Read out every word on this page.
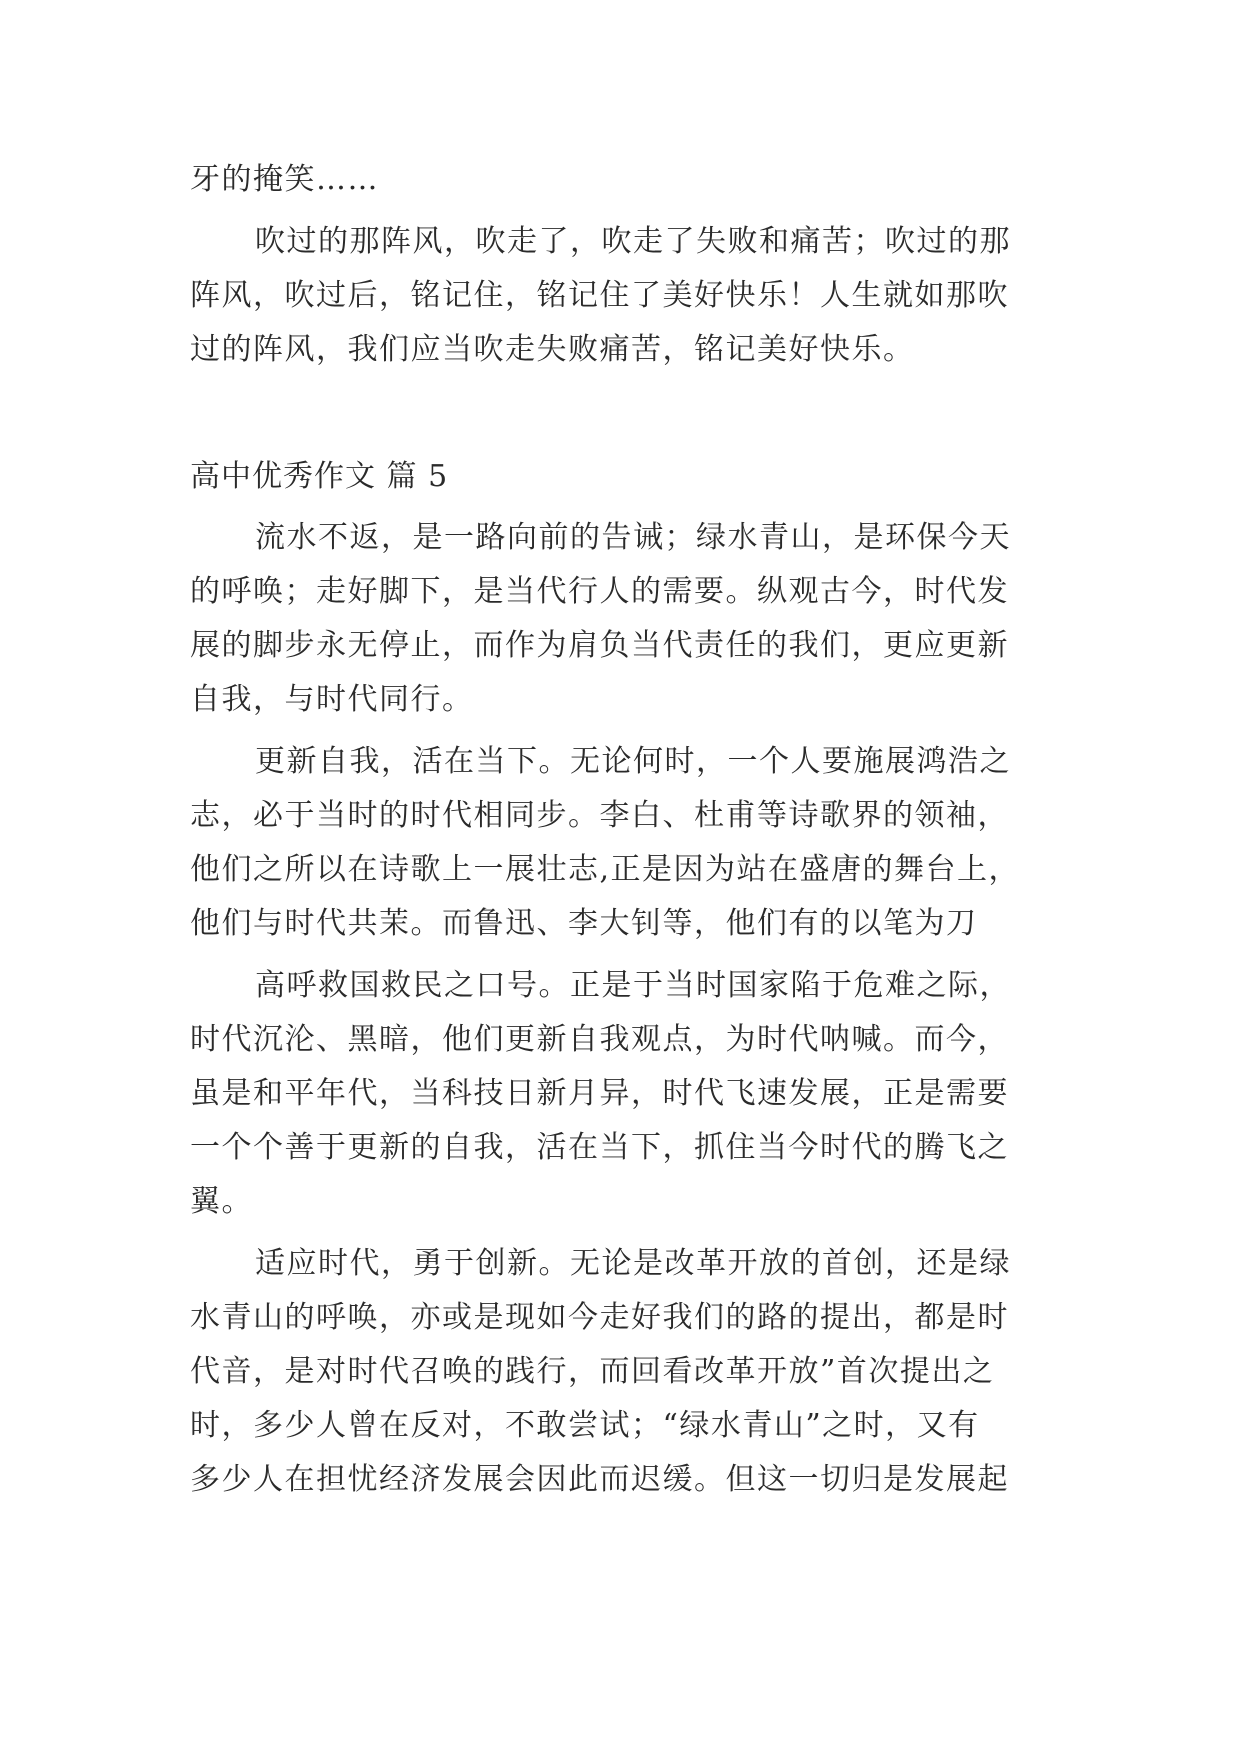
牙的掩笑……
吹过的那阵风，吹走了，吹走了失败和痛苦；吹过的那
阵风，吹过后，铭记住，铭记住了美好快乐！人生就如那吹
过的阵风，我们应当吹走失败痛苦，铭记美好快乐。
高中优秀作文 篇 5
流水不返，是一路向前的告诫；绿水青山，是环保今天
的呼唤；走好脚下，是当代行人的需要。纵观古今，时代发
展的脚步永无停止，而作为肩负当代责任的我们，更应更新
自我，与时代同行。
更新自我，活在当下。无论何时，一个人要施展鸿浩之
志，必于当时的时代相同步。李白、杜甫等诗歌界的领袖，
他们之所以在诗歌上一展壮志,正是因为站在盛唐的舞台上，
他们与时代共茉。而鲁迅、李大钊等，他们有的以笔为刀
高呼救国救民之口号。正是于当时国家陷于危难之际，
时代沉沦、黑暗，他们更新自我观点，为时代呐喊。而今，
虽是和平年代，当科技日新月异，时代飞速发展，正是需要
一个个善于更新的自我，活在当下，抓住当今时代的腾飞之
翼。
适应时代，勇于创新。无论是改革开放的首创，还是绿
水青山的呼唤，亦或是现如今走好我们的路的提出，都是时
代音，是对时代召唤的践行，而回看改革开放”首次提出之
时，多少人曾在反对，不敢尝试；“绿水青山”之时，又有
多少人在担忧经济发展会因此而迟缓。但这一切归是发展起
